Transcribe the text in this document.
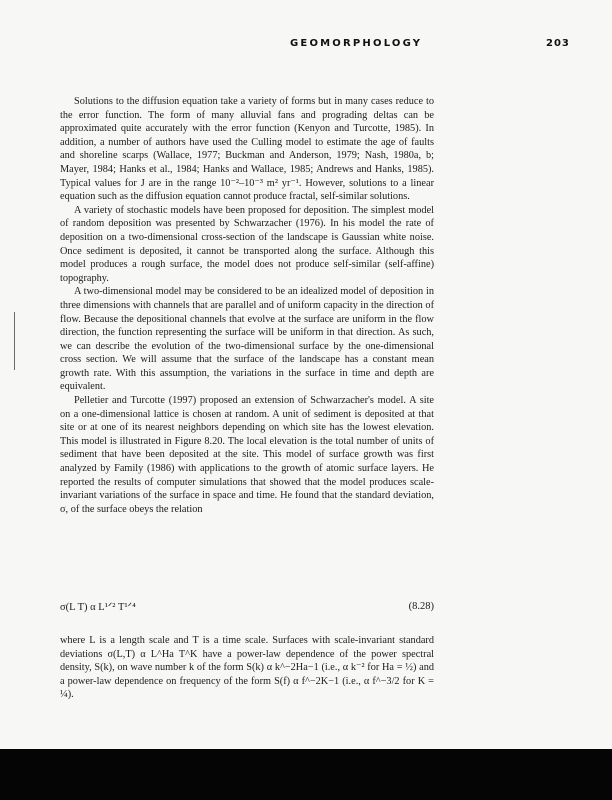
GEOMORPHOLOGY	203

Solutions to the diffusion equation take a variety of forms but in many cases reduce to the error function. The form of many alluvial fans and prograding deltas can be approximated quite accurately with the error function (Kenyon and Turcotte, 1985). In addition, a number of authors have used the Culling model to estimate the age of faults and shoreline scarps (Wallace, 1977; Buckman and Anderson, 1979; Nash, 1980a, b; Mayer, 1984; Hanks et al., 1984; Hanks and Wallace, 1985; Andrews and Hanks, 1985). Typical values for J are in the range 10⁻²–10⁻³ m² yr⁻¹. However, solutions to a linear equation such as the diffusion equation cannot produce fractal, self-similar solutions.

A variety of stochastic models have been proposed for deposition. The simplest model of random deposition was presented by Schwarzacher (1976). In his model the rate of deposition on a two-dimensional cross-section of the landscape is Gaussian white noise. Once sediment is deposited, it cannot be transported along the surface. Although this model produces a rough surface, the model does not produce self-similar (self-affine) topography.

A two-dimensional model may be considered to be an idealized model of deposition in three dimensions with channels that are parallel and of uniform capacity in the direction of flow. Because the depositional channels that evolve at the surface are uniform in the flow direction, the function representing the surface will be uniform in that direction. As such, we can describe the evolution of the two-dimensional surface by the one-dimensional cross section. We will assume that the surface of the landscape has a constant mean growth rate. With this assumption, the variations in the surface in time and depth are equivalent.

Pelletier and Turcotte (1997) proposed an extension of Schwarzacher's model. A site on a one-dimensional lattice is chosen at random. A unit of sediment is deposited at that site or at one of its nearest neighbors depending on which site has the lowest elevation. This model is illustrated in Figure 8.20. The local elevation is the total number of units of sediment that have been deposited at the site. This model of surface growth was first analyzed by Family (1986) with applications to the growth of atomic surface layers. He reported the results of computer simulations that showed that the model produces scale-invariant variations of the surface in space and time. He found that the standard deviation, σ, of the surface obeys the relation

σ(L T) α L¹ᐟ² T¹ᐟ⁴	(8.28)

where L is a length scale and T is a time scale. Surfaces with scale-invariant standard deviations σ(L,T) α L^Ha T^K have a power-law dependence of the power spectral density, S(k), on wave number k of the form S(k) α k^−2Ha−1 (i.e., α k⁻² for Ha = ½) and a power-law dependence on frequency of the form S(f) α f^−2K−1 (i.e., α f^−3/2 for K = ¼).
